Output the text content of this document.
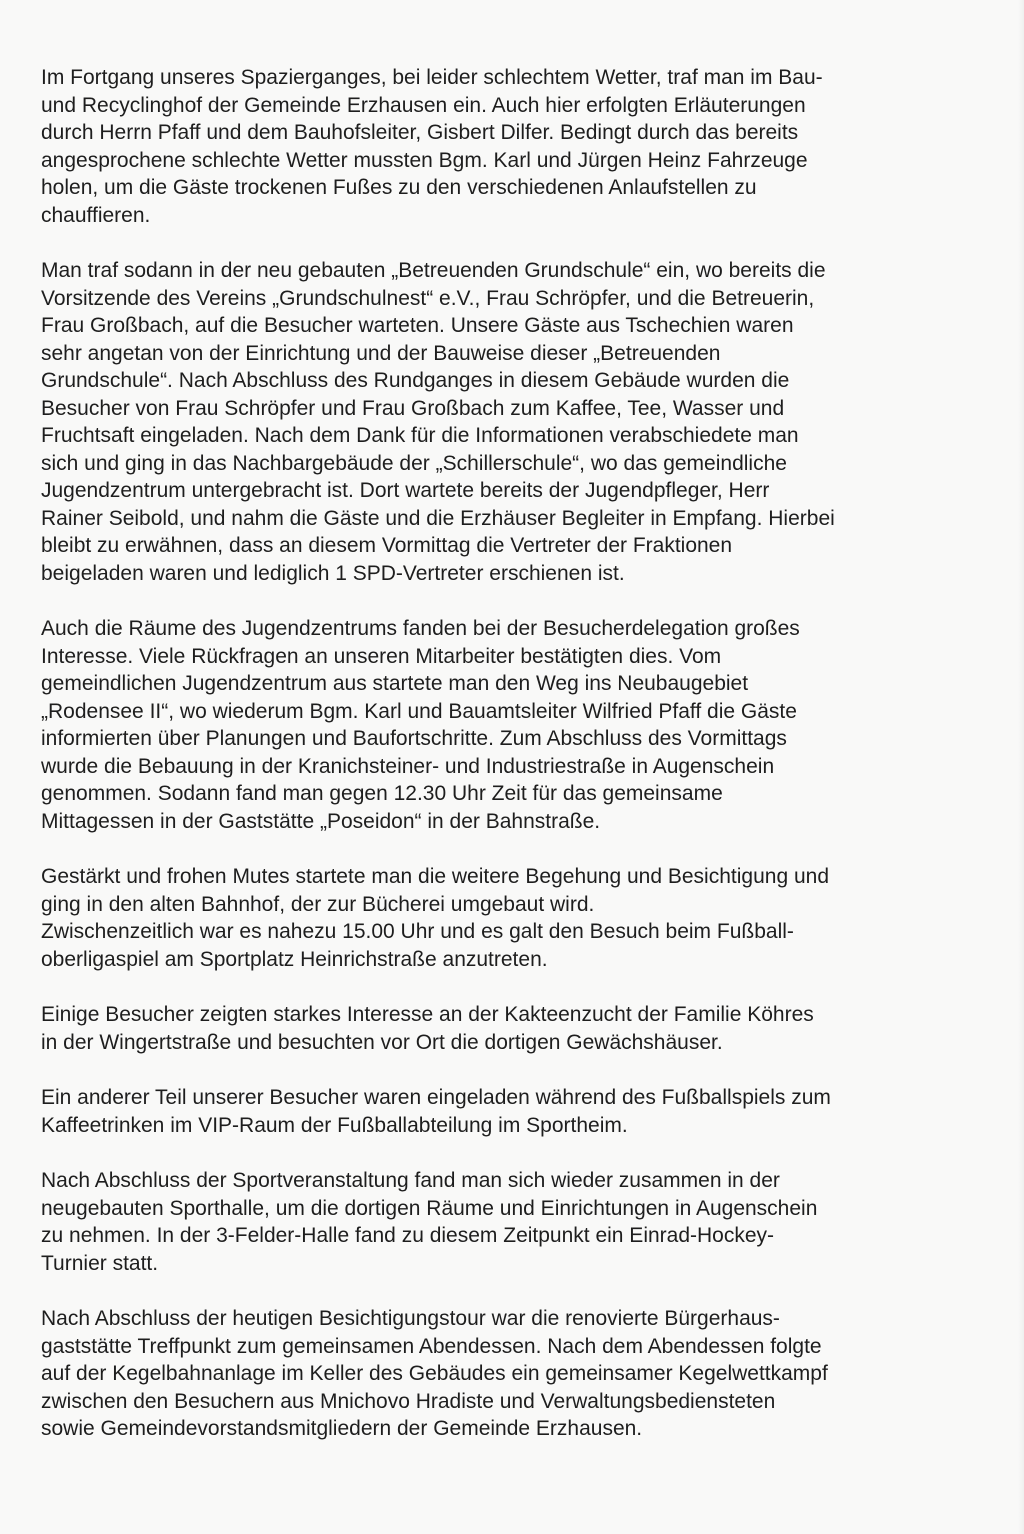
Im Fortgang unseres Spazierganges, bei leider schlechtem Wetter, traf man im Bau-
und Recyclinghof der Gemeinde Erzhausen ein. Auch hier erfolgten Erläuterungen
durch Herrn Pfaff und dem Bauhofsleiter, Gisbert Dilfer. Bedingt durch das bereits
angesprochene schlechte Wetter mussten Bgm. Karl und Jürgen Heinz Fahrzeuge
holen, um die Gäste trockenen Fußes zu den verschiedenen Anlaufstellen zu
chauffieren.
Man traf sodann in der neu gebauten „Betreuenden Grundschule“ ein, wo bereits die
Vorsitzende des Vereins „Grundschulnest“ e.V., Frau Schröpfer, und die Betreuerin,
Frau Großbach, auf die Besucher warteten. Unsere Gäste aus Tschechien waren
sehr angetan von der Einrichtung und der Bauweise dieser „Betreuenden
Grundschule“. Nach Abschluss des Rundganges in diesem Gebäude wurden die
Besucher von Frau Schröpfer und Frau Großbach zum Kaffee, Tee, Wasser und
Fruchtsaft eingeladen. Nach dem Dank für die Informationen verabschiedete man
sich und ging in das Nachbargebäude der „Schillerschule“, wo das gemeindliche
Jugendzentrum untergebracht ist. Dort wartete bereits der Jugendpfleger, Herr
Rainer Seibold, und nahm die Gäste und die Erzhäuser Begleiter in Empfang. Hierbei
bleibt zu erwähnen, dass an diesem Vormittag die Vertreter der Fraktionen
beigeladen waren und lediglich 1 SPD-Vertreter erschienen ist.
Auch die Räume des Jugendzentrums fanden bei der Besucherdelegation großes
Interesse. Viele Rückfragen an unseren Mitarbeiter bestätigten dies. Vom
gemeindlichen Jugendzentrum aus startete man den Weg ins Neubaugebiet
„Rodensee II“, wo wiederum Bgm. Karl und Bauamtsleiter Wilfried Pfaff die Gäste
informierten über Planungen und Baufortschritte. Zum Abschluss des Vormittags
wurde die Bebauung in der Kranichsteiner- und Industriestraße in Augenschein
genommen. Sodann fand man gegen 12.30 Uhr Zeit für das gemeinsame
Mittagessen in der Gaststätte „Poseidon“ in der Bahnstraße.
Gestärkt und frohen Mutes startete man die weitere Begehung und Besichtigung und
ging in den alten Bahnhof, der zur Bücherei umgebaut wird.
Zwischenzeitlich war es nahezu 15.00 Uhr und es galt den Besuch beim Fußball-
oberligaspiel am Sportplatz Heinrichstraße anzutreten.
Einige Besucher zeigten starkes Interesse an der Kakteenzucht der Familie Köhres
in der Wingertstraße und besuchten vor Ort die dortigen Gewächshäuser.
Ein anderer Teil unserer Besucher waren eingeladen während des Fußballspiels zum
Kaffeetrinken im VIP-Raum der Fußballabteilung im Sportheim.
Nach Abschluss der Sportveranstaltung fand man sich wieder zusammen in der
neugebauten Sporthalle, um die dortigen Räume und Einrichtungen in Augenschein
zu nehmen. In der 3-Felder-Halle fand zu diesem Zeitpunkt ein Einrad-Hockey-
Turnier statt.
Nach Abschluss der heutigen Besichtigungstour war die renovierte Bürgerhaus-
gaststätte Treffpunkt zum gemeinsamen Abendessen. Nach dem Abendessen folgte
auf der Kegelbahnanlage im Keller des Gebäudes ein gemeinsamer Kegelwettkampf
zwischen den Besuchern aus Mnichovo Hradiste und Verwaltungsbediensteten
sowie Gemeindevorstandsmitgliedern der Gemeinde Erzhausen.
